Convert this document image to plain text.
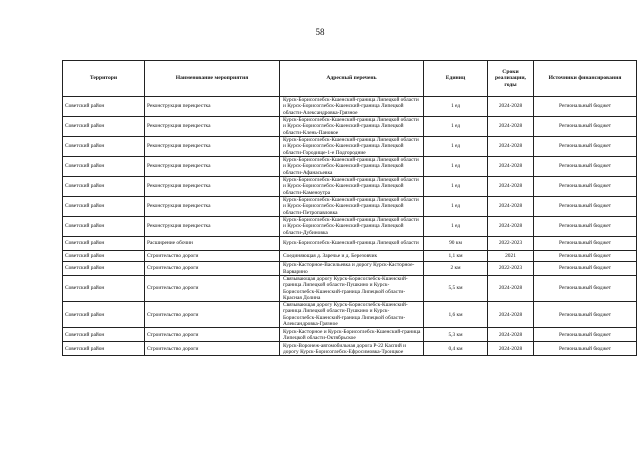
58
Территори	Наименование мероприятия	Адресный перечень	Единиц	Сроки реализации, годы	Источники финансирования
Советский район	Реконструкция перекрестка	Курск-Борисоглебск-Кшенский-граница Липецкой области и Курск-Борисоглебск-Кшенский-граница Липецкой области-Александровка-Грязное	1 ед	2024-2028	Региональный бюджет
Советский район	Реконструкция перекрестка	Курск-Борисоглебск-Кшенский-граница Липецкой области и Курск-Борисоглебск-Кшенский-граница Липецкой области-Клень-Пановое	1 ед	2024-2028	Региональный бюджет
Советский район	Реконструкция перекрестка	Курск-Борисоглебск-Кшенский-граница Липецкой области и Курск-Борисоглебск-Кшенский-граница Липецкой области-Городище-1-е Подгородние	1 ед	2024-2028	Региональный бюджет
Советский район	Реконструкция перекрестка	Курск-Борисоглебск-Кшенский-граница Липецкой области и Курск-Борисоглебск-Кшенский-граница Липецкой области-Афанасьевка	1 ед	2024-2028	Региональный бюджет
Советский район	Реконструкция перекрестка	Курск-Борисоглебск-Кшенский-граница Липецкой области и Курск-Борисоглебск-Кшенский-граница Липецкой области-Каменоутра	1 ед	2024-2028	Региональный бюджет
Советский район	Реконструкция перекрестка	Курск-Борисоглебск-Кшенский-граница Липецкой области и Курск-Борисоглебск-Кшенский-граница Липецкой области-Петропавловка	1 ед	2024-2028	Региональный бюджет
Советский район	Реконструкция перекрестка	Курск-Борисоглебск-Кшенский-граница Липецкой области и Курск-Борисоглебск-Кшенский-граница Липецкой области-Дубиновка	1 ед	2024-2028	Региональный бюджет
Советский район	Расширение обочин	Курск-Борисоглебск-Кшенский-граница Липецкой области	90 км	2022-2023	Региональный бюджет
Советский район	Строительство дороги	Соединяющая д. Заречье и д. Березовчик	1,1 км	2021	Региональный бюджет
Советский район	Строительство дороги	Курск-Касторное-Васильевка и дорогу Курск-Касторное-Варварино	2 км	2022-2023	Региональный бюджет
Советский район	Строительство дороги	Связывающая дорогу Курск-Борисоглебск-Кшенский-граница Липецкой области-Пушкино и Курск-Борисоглебск-Кшенский-граница Липецкой области-Красная Долина	5,5 км	2024-2028	Региональный бюджет
Советский район	Строительство дороги	Связывающая дорогу Курск-Борисоглебск-Кшенский-граница Липецкой области-Пушкино и Курск-Борисоглебск-Кшенский-граница Липецкой области-Александровка-Грязное	1,6 км	2024-2028	Региональный бюджет
Советский район	Строительство дороги	Курск-Касторное и Курск-Борисоглебск-Кшенский-граница Липецкой области-Октябрьское	5,3 км	2024-2028	Региональный бюджет
Советский район	Строительство дороги	Курск-Воронеж-автомобильная дорога Р-22 Каспий и дорогу Курск-Борисоглебск-Ефросимовка-Троицкое	0,4 км	2024-2028	Региональный бюджет
